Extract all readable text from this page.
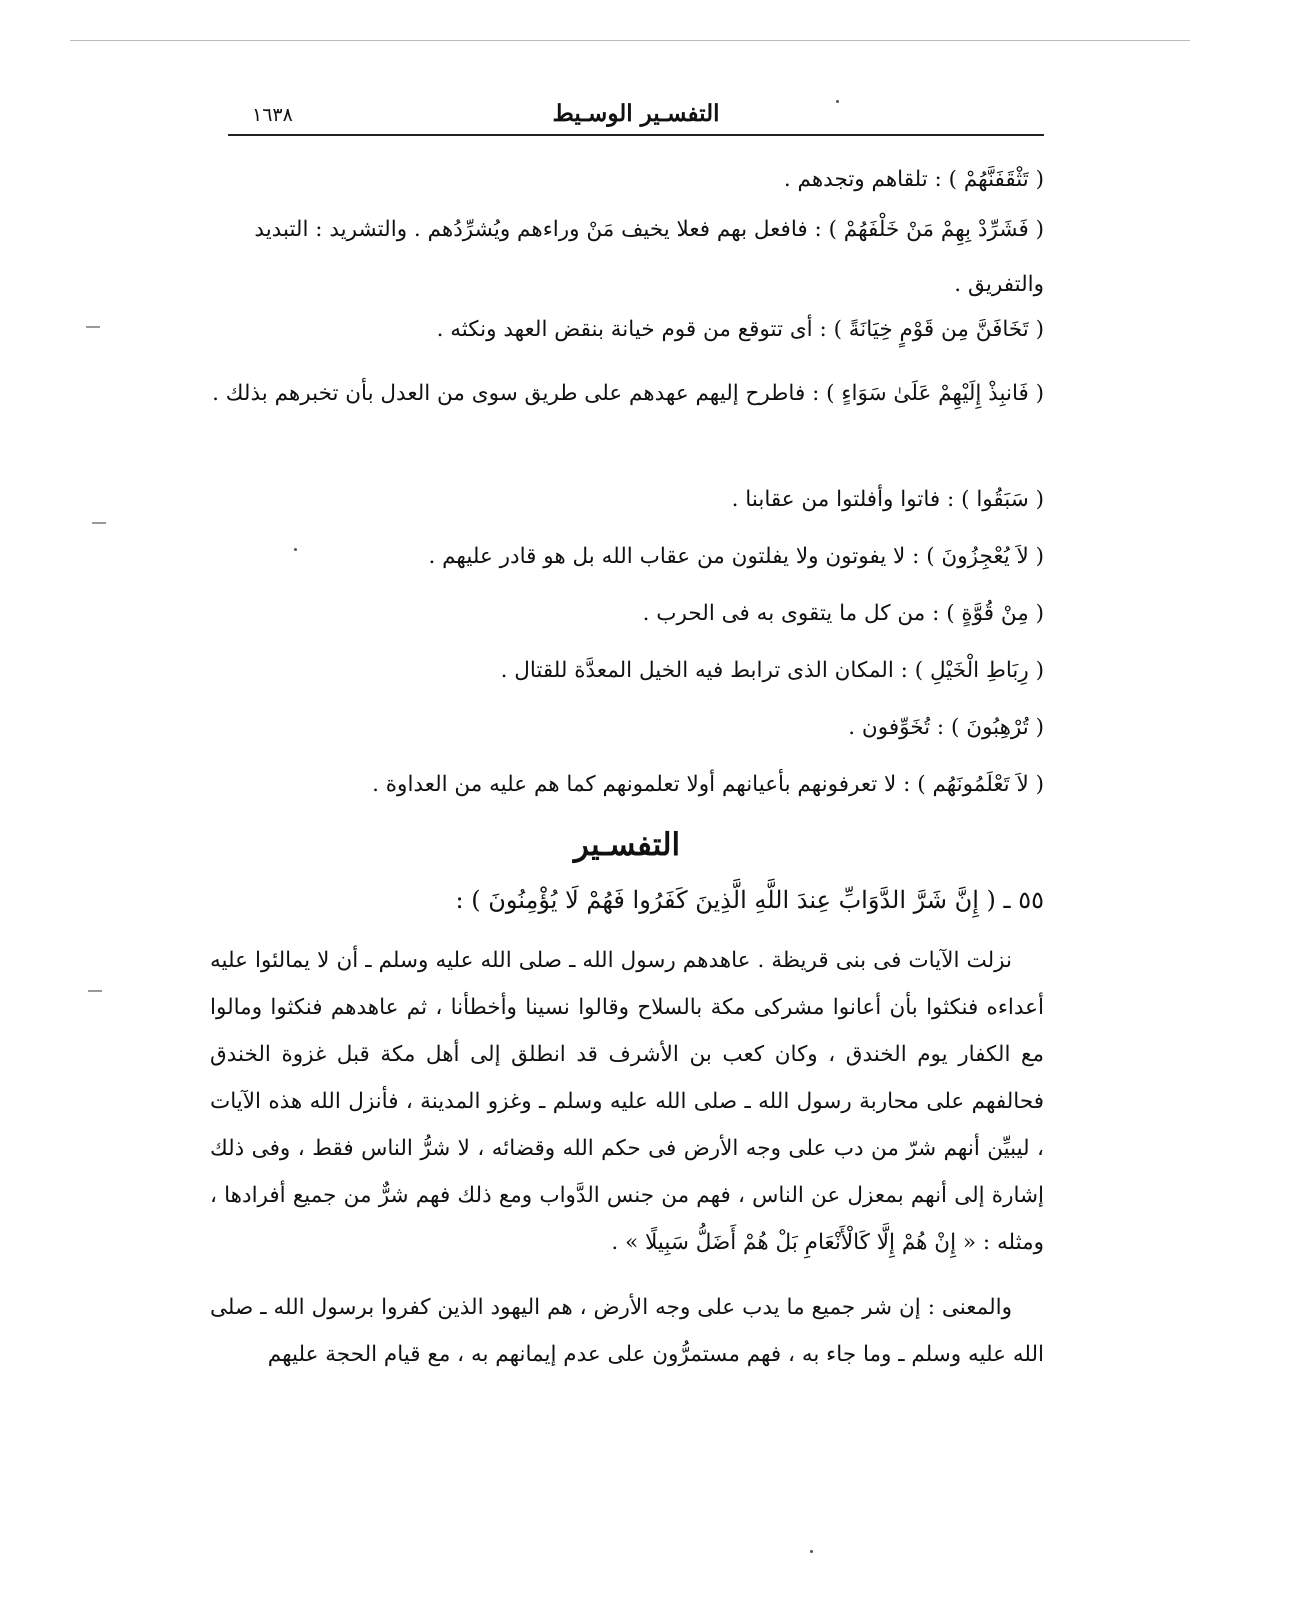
١٦٣٨	التفسـير الوسـيط

( تَثْقَفَنَّهُمْ ) : تلقاهم وتجدهم .

( فَشَرِّدْ بِهِمْ مَنْ خَلْفَهُمْ ) : فافعل بهم فعلا يخيف مَنْ وراءهم ويُشرِّدُهم . والتشريد : التبديد والتفريق .

( تَخَافَنَّ مِن قَوْمٍ خِيَانَةً ) : أى تتوقع من قوم خيانة بنقض العهد ونكثه .

( فَانبِذْ إِلَيْهِمْ عَلَىٰ سَوَاءٍ ) : فاطرح إليهم عهدهم على طريق سوى من العدل بأن تخبرهم بذلك .

( سَبَقُوا ) : فاتوا وأفلتوا من عقابنا .

( لاَ يُعْجِزُونَ ) : لا يفوتون ولا يفلتون من عقاب الله بل هو قادر عليهم .

( مِنْ قُوَّةٍ ) : من كل ما يتقوى به فى الحرب .

( رِبَاطِ الْخَيْلِ ) : المكان الذى ترابط فيه الخيل المعدَّة للقتال .

( تُرْهِبُونَ ) : تُخَوِّفون .

( لاَ تَعْلَمُونَهُم ) : لا تعرفونهم بأعيانهم أولا تعلمونهم كما هم عليه من العداوة .

التفسـير

٥٥ ـ ( إِنَّ شَرَّ الدَّوَابِّ عِندَ اللَّهِ الَّذِينَ كَفَرُوا فَهُمْ لَا يُؤْمِنُونَ ) :

نزلت الآيات فى بنى قريظة . عاهدهم رسول الله ـ صلى الله عليه وسلم ـ أن لا يمالئوا عليه أعداءه فنكثوا بأن أعانوا مشركى مكة بالسلاح وقالوا نسينا وأخطأنا ، ثم عاهدهم فنكثوا ومالوا مع الكفار يوم الخندق ، وكان كعب بن الأشرف قد انطلق إلى أهل مكة قبل غزوة الخندق فحالفهم على محاربة رسول الله ـ صلى الله عليه وسلم ـ وغزو المدينة ، فأنزل الله هذه الآيات ، ليبيِّن أنهم شرّ من دب على وجه الأرض فى حكم الله وقضائه ، لا شرُّ الناس فقط ، وفى ذلك إشارة إلى أنهم بمعزل عن الناس ، فهم من جنس الدَّواب ومع ذلك فهم شرٌّ من جميع أفرادها ، ومثله : « إِنْ هُمْ إِلَّا كَالْأَنْعَامِ بَلْ هُمْ أَضَلُّ سَبِيلًا » .

والمعنى : إن شر جميع ما يدب على وجه الأرض ، هم اليهود الذين كفروا برسول الله ـ صلى الله عليه وسلم ـ وما جاء به ، فهم مستمرُّون على عدم إيمانهم به ، مع قيام الحجة عليهم
